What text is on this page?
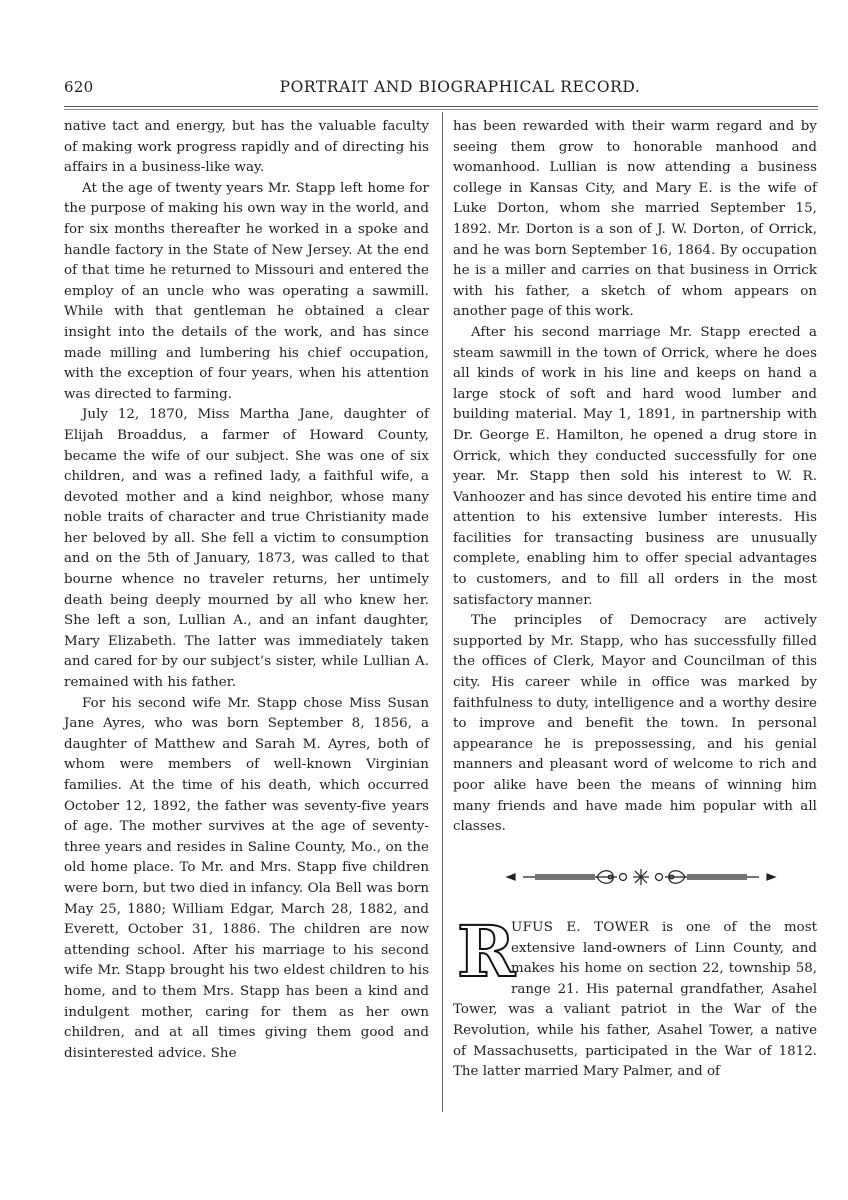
620	PORTRAIT AND BIOGRAPHICAL RECORD.

native tact and energy, but has the valuable faculty of making work progress rapidly and of directing his affairs in a business-like way.

At the age of twenty years Mr. Stapp left home for the purpose of making his own way in the world, and for six months thereafter he worked in a spoke and handle factory in the State of New Jersey. At the end of that time he returned to Missouri and entered the employ of an uncle who was operating a sawmill. While with that gentleman he obtained a clear insight into the details of the work, and has since made milling and lumbering his chief occupation, with the exception of four years, when his attention was directed to farming.

July 12, 1870, Miss Martha Jane, daughter of Elijah Broaddus, a farmer of Howard County, became the wife of our subject. She was one of six children, and was a refined lady, a faithful wife, a devoted mother and a kind neighbor, whose many noble traits of character and true Christianity made her beloved by all. She fell a victim to consumption and on the 5th of January, 1873, was called to that bourne whence no traveler returns, her untimely death being deeply mourned by all who knew her. She left a son, Lullian A., and an infant daughter, Mary Elizabeth. The latter was immediately taken and cared for by our subject’s sister, while Lullian A. remained with his father.

For his second wife Mr. Stapp chose Miss Susan Jane Ayres, who was born September 8, 1856, a daughter of Matthew and Sarah M. Ayres, both of whom were members of well-known Virginian families. At the time of his death, which occurred October 12, 1892, the father was seventy-five years of age. The mother survives at the age of seventy-three years and resides in Saline County, Mo., on the old home place. To Mr. and Mrs. Stapp five children were born, but two died in infancy. Ola Bell was born May 25, 1880; William Edgar, March 28, 1882, and Everett, October 31, 1886. The children are now attending school. After his marriage to his second wife Mr. Stapp brought his two eldest children to his home, and to them Mrs. Stapp has been a kind and indulgent mother, caring for them as her own children, and at all times giving them good and disinterested advice. She

has been rewarded with their warm regard and by seeing them grow to honorable manhood and womanhood. Lullian is now attending a business college in Kansas City, and Mary E. is the wife of Luke Dorton, whom she married September 15, 1892. Mr. Dorton is a son of J. W. Dorton, of Orrick, and he was born September 16, 1864. By occupation he is a miller and carries on that business in Orrick with his father, a sketch of whom appears on another page of this work.

After his second marriage Mr. Stapp erected a steam sawmill in the town of Orrick, where he does all kinds of work in his line and keeps on hand a large stock of soft and hard wood lumber and building material. May 1, 1891, in partnership with Dr. George E. Hamilton, he opened a drug store in Orrick, which they conducted successfully for one year. Mr. Stapp then sold his interest to W. R. Vanhoozer and has since devoted his entire time and attention to his extensive lumber interests. His facilities for transacting business are unusually complete, enabling him to offer special advantages to customers, and to fill all orders in the most satisfactory manner.

The principles of Democracy are actively supported by Mr. Stapp, who has successfully filled the offices of Clerk, Mayor and Councilman of this city. His career while in office was marked by faithfulness to duty, intelligence and a worthy desire to improve and benefit the town. In personal appearance he is prepossessing, and his genial manners and pleasant word of welcome to rich and poor alike have been the means of winning him many friends and have made him popular with all classes.

R

UFUS E. TOWER is one of the most extensive land-owners of Linn County, and makes his home on section 22, township 58, range 21. His paternal grandfather, Asahel Tower, was a valiant patriot in the War of the Revolution, while his father, Asahel Tower, a native of Massachusetts, participated in the War of 1812. The latter married Mary Palmer, and of
